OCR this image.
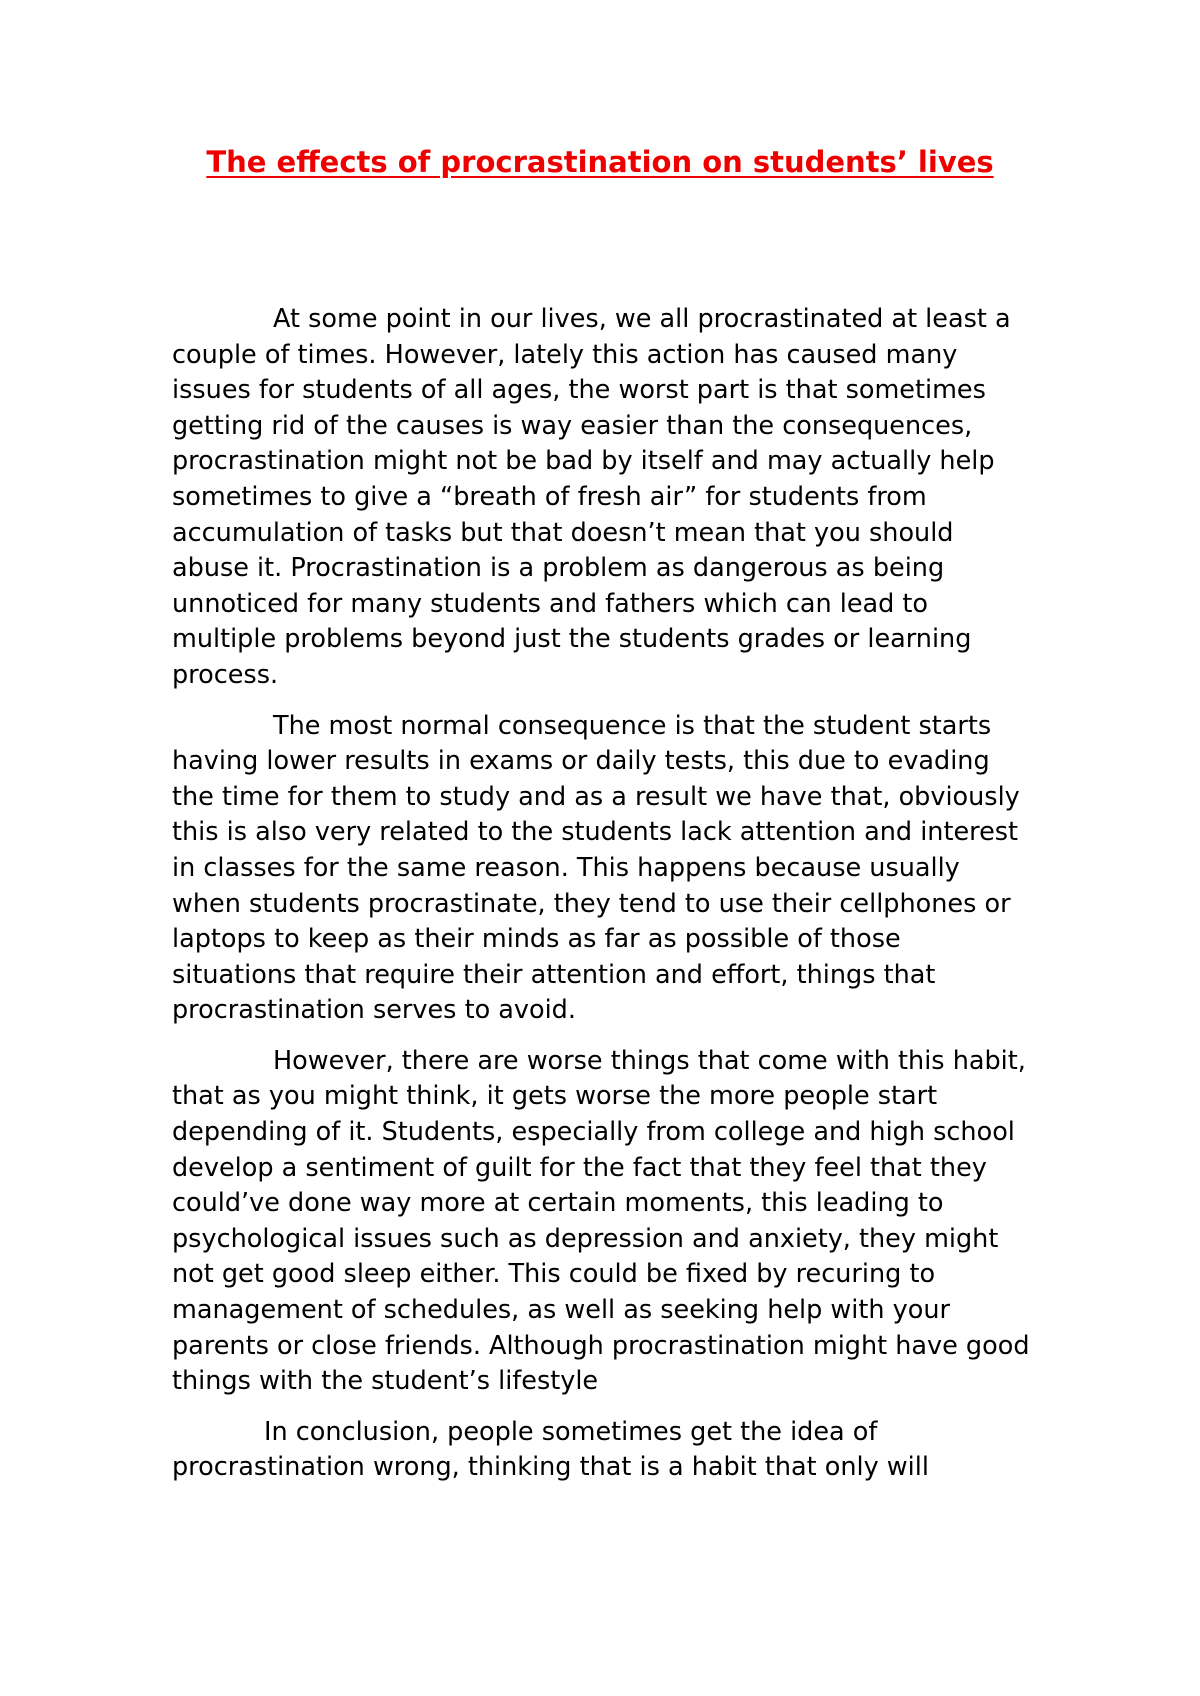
The effects of procrastination on students’ lives

At some point in our lives, we all procrastinated at least a couple of times. However, lately this action has caused many issues for students of all ages, the worst part is that sometimes getting rid of the causes is way easier than the consequences, procrastination might not be bad by itself and may actually help sometimes to give a “breath of fresh air” for students from accumulation of tasks but that doesn’t mean that you should abuse it. Procrastination is a problem as dangerous as being unnoticed for many students and fathers which can lead to multiple problems beyond just the students grades or learning process.

The most normal consequence is that the student starts having lower results in exams or daily tests, this due to evading the time for them to study and as a result we have that, obviously this is also very related to the students lack attention and interest in classes for the same reason. This happens because usually when students procrastinate, they tend to use their cellphones or laptops to keep as their minds as far as possible of those situations that require their attention and effort, things that procrastination serves to avoid.

However, there are worse things that come with this habit, that as you might think, it gets worse the more people start depending of it. Students, especially from college and high school develop a sentiment of guilt for the fact that they feel that they could’ve done way more at certain moments, this leading to psychological issues such as depression and anxiety, they might not get good sleep either. This could be fixed by recuring to management of schedules, as well as seeking help with your parents or close friends. Although procrastination might have good things with the student’s lifestyle

In conclusion, people sometimes get the idea of procrastination wrong, thinking that is a habit that only will
